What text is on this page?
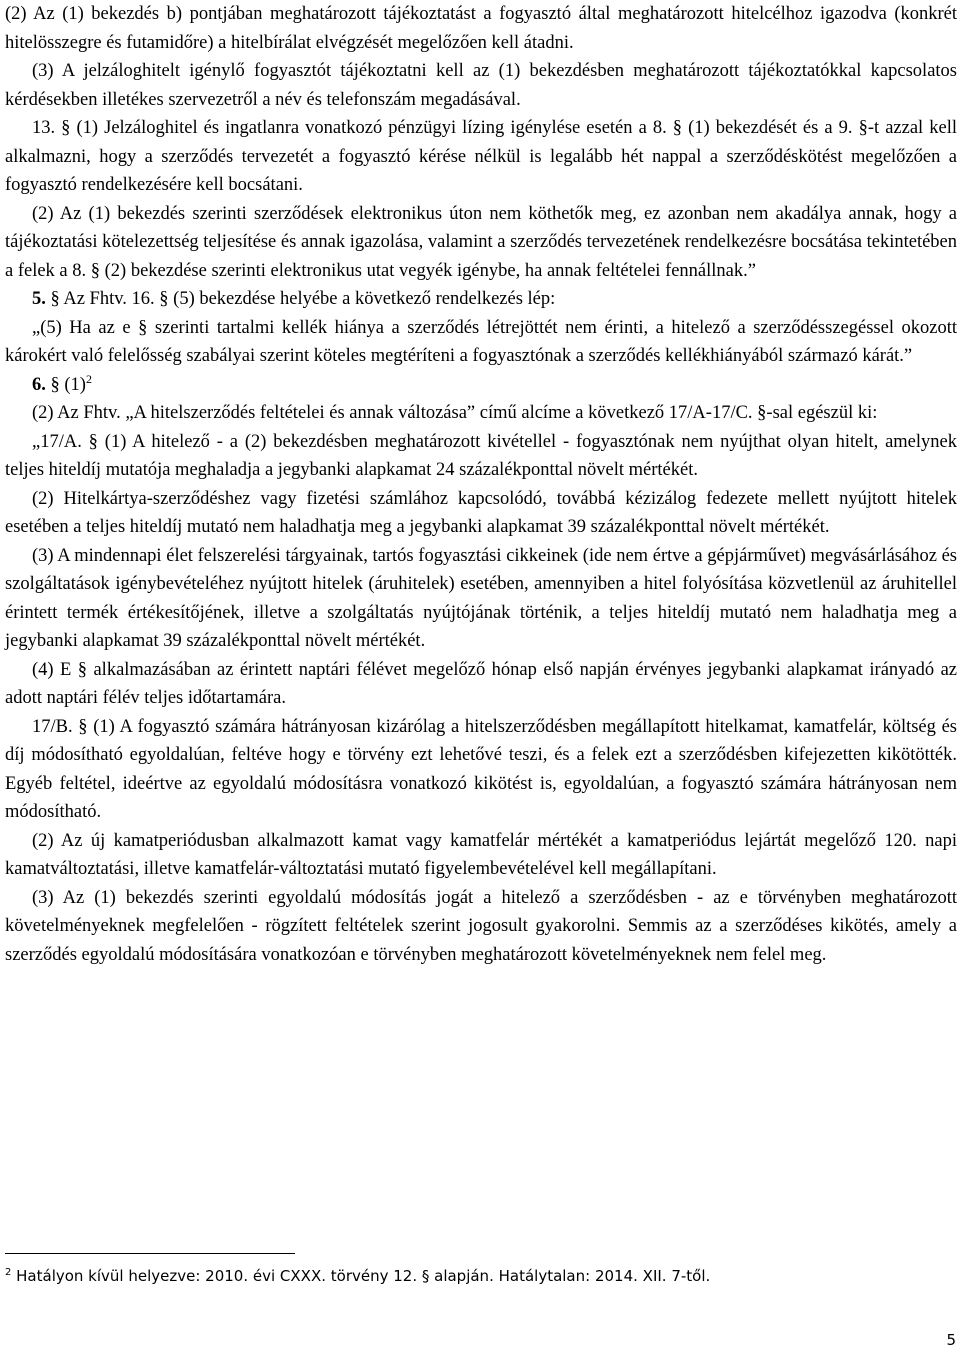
(2) Az (1) bekezdés b) pontjában meghatározott tájékoztatást a fogyasztó által meghatározott hitelcélhoz igazodva (konkrét hitelösszegre és futamidőre) a hitelbírálat elvégzését megelőzően kell átadni.

(3) A jelzáloghitelt igénylő fogyasztót tájékoztatni kell az (1) bekezdésben meghatározott tájékoztatókkal kapcsolatos kérdésekben illetékes szervezetről a név és telefonszám megadásával.

13. § (1) Jelzáloghitel és ingatlanra vonatkozó pénzügyi lízing igénylése esetén a 8. § (1) bekezdését és a 9. §-t azzal kell alkalmazni, hogy a szerződés tervezetét a fogyasztó kérése nélkül is legalább hét nappal a szerződéskötést megelőzően a fogyasztó rendelkezésére kell bocsátani.

(2) Az (1) bekezdés szerinti szerződések elektronikus úton nem köthetők meg, ez azonban nem akadálya annak, hogy a tájékoztatási kötelezettség teljesítése és annak igazolása, valamint a szerződés tervezetének rendelkezésre bocsátása tekintetében a felek a 8. § (2) bekezdése szerinti elektronikus utat vegyék igénybe, ha annak feltételei fennállnak.”

5. § Az Fhtv. 16. § (5) bekezdése helyébe a következő rendelkezés lép:

„(5) Ha az e § szerinti tartalmi kellék hiánya a szerződés létrejöttét nem érinti, a hitelező a szerződésszegéssel okozott károkért való felelősség szabályai szerint köteles megtéríteni a fogyasztónak a szerződés kellékhiányából származó kárát.”

6. § $(1)^2$

(2) Az Fhtv. „A hitelszerződés feltételei és annak változása” című alcíme a következő 17/A-17/C. §-sal egészül ki:

„17/A. § (1) A hitelező - a (2) bekezdésben meghatározott kivétellel - fogyasztónak nem nyújthat olyan hitelt, amelynek teljes hiteldíj mutatója meghaladja a jegybanki alapkamat 24 százalékponttal növelt mértékét.

(2) Hitelkártya-szerződéshez vagy fizetési számlához kapcsolódó, továbbá kézizálog fedezete mellett nyújtott hitelek esetében a teljes hiteldíj mutató nem haladhatja meg a jegybanki alapkamat 39 százalékponttal növelt mértékét.

(3) A mindennapi élet felszerelési tárgyainak, tartós fogyasztási cikkeinek (ide nem értve a gépjárművet) megvásárlásához és szolgáltatások igénybevételéhez nyújtott hitelek (áruhitelek) esetében, amennyiben a hitel folyósítása közvetlenül az áruhitellel érintett termék értékesítőjének, illetve a szolgáltatás nyújtójának történik, a teljes hiteldíj mutató nem haladhatja meg a jegybanki alapkamat 39 százalékponttal növelt mértékét.

(4) E § alkalmazásában az érintett naptári félévet megelőző hónap első napján érvényes jegybanki alapkamat irányadó az adott naptári félév teljes időtartamára.

17/B. § (1) A fogyasztó számára hátrányosan kizárólag a hitelszerződésben megállapított hitelkamat, kamatfelár, költség és díj módosítható egyoldalúan, feltéve hogy e törvény ezt lehetővé teszi, és a felek ezt a szerződésben kifejezetten kikötötték. Egyéb feltétel, ideértve az egyoldalú módosításra vonatkozó kikötést is, egyoldalúan, a fogyasztó számára hátrányosan nem módosítható.

(2) Az új kamatperiódusban alkalmazott kamat vagy kamatfelár mértékét a kamatperiódus lejártát megelőző 120. napi kamatváltoztatási, illetve kamatfelár-változtatási mutató figyelembevételével kell megállapítani.

(3) Az (1) bekezdés szerinti egyoldalú módosítás jogát a hitelező a szerződésben - az e törvényben meghatározott követelményeknek megfelelően - rögzített feltételek szerint jogosult gyakorolni. Semmis az a szerződéses kikötés, amely a szerződés egyoldalú módosítására vonatkozóan e törvényben meghatározott követelményeknek nem felel meg.

$^2$ Hatályon kívül helyezve: 2010. évi CXXX. törvény 12. § alapján. Hatálytalan: 2014. XII. 7-től.
5
